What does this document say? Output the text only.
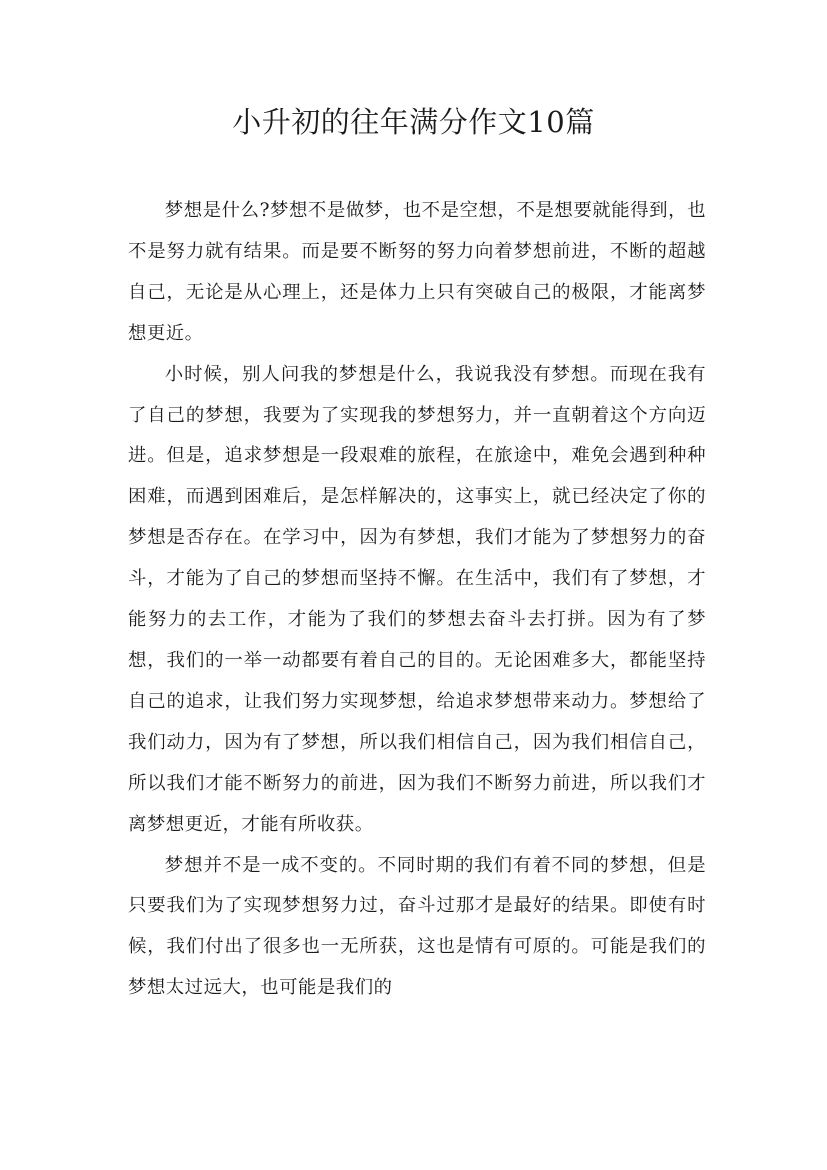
小升初的往年满分作文10篇

梦想是什么?梦想不是做梦，也不是空想，不是想要就能得到，也不是努力就有结果。而是要不断努的努力向着梦想前进，不断的超越自己，无论是从心理上，还是体力上只有突破自己的极限，才能离梦想更近。

小时候，别人问我的梦想是什么，我说我没有梦想。而现在我有了自己的梦想，我要为了实现我的梦想努力，并一直朝着这个方向迈进。但是，追求梦想是一段艰难的旅程，在旅途中，难免会遇到种种困难，而遇到困难后，是怎样解决的，这事实上，就已经决定了你的梦想是否存在。在学习中，因为有梦想，我们才能为了梦想努力的奋斗，才能为了自己的梦想而坚持不懈。在生活中，我们有了梦想，才能努力的去工作，才能为了我们的梦想去奋斗去打拼。因为有了梦想，我们的一举一动都要有着自己的目的。无论困难多大，都能坚持自己的追求，让我们努力实现梦想，给追求梦想带来动力。梦想给了我们动力，因为有了梦想，所以我们相信自己，因为我们相信自己，所以我们才能不断努力的前进，因为我们不断努力前进，所以我们才离梦想更近，才能有所收获。

梦想并不是一成不变的。不同时期的我们有着不同的梦想，但是只要我们为了实现梦想努力过，奋斗过那才是最好的结果。即使有时候，我们付出了很多也一无所获，这也是情有可原的。可能是我们的梦想太过远大，也可能是我们的
